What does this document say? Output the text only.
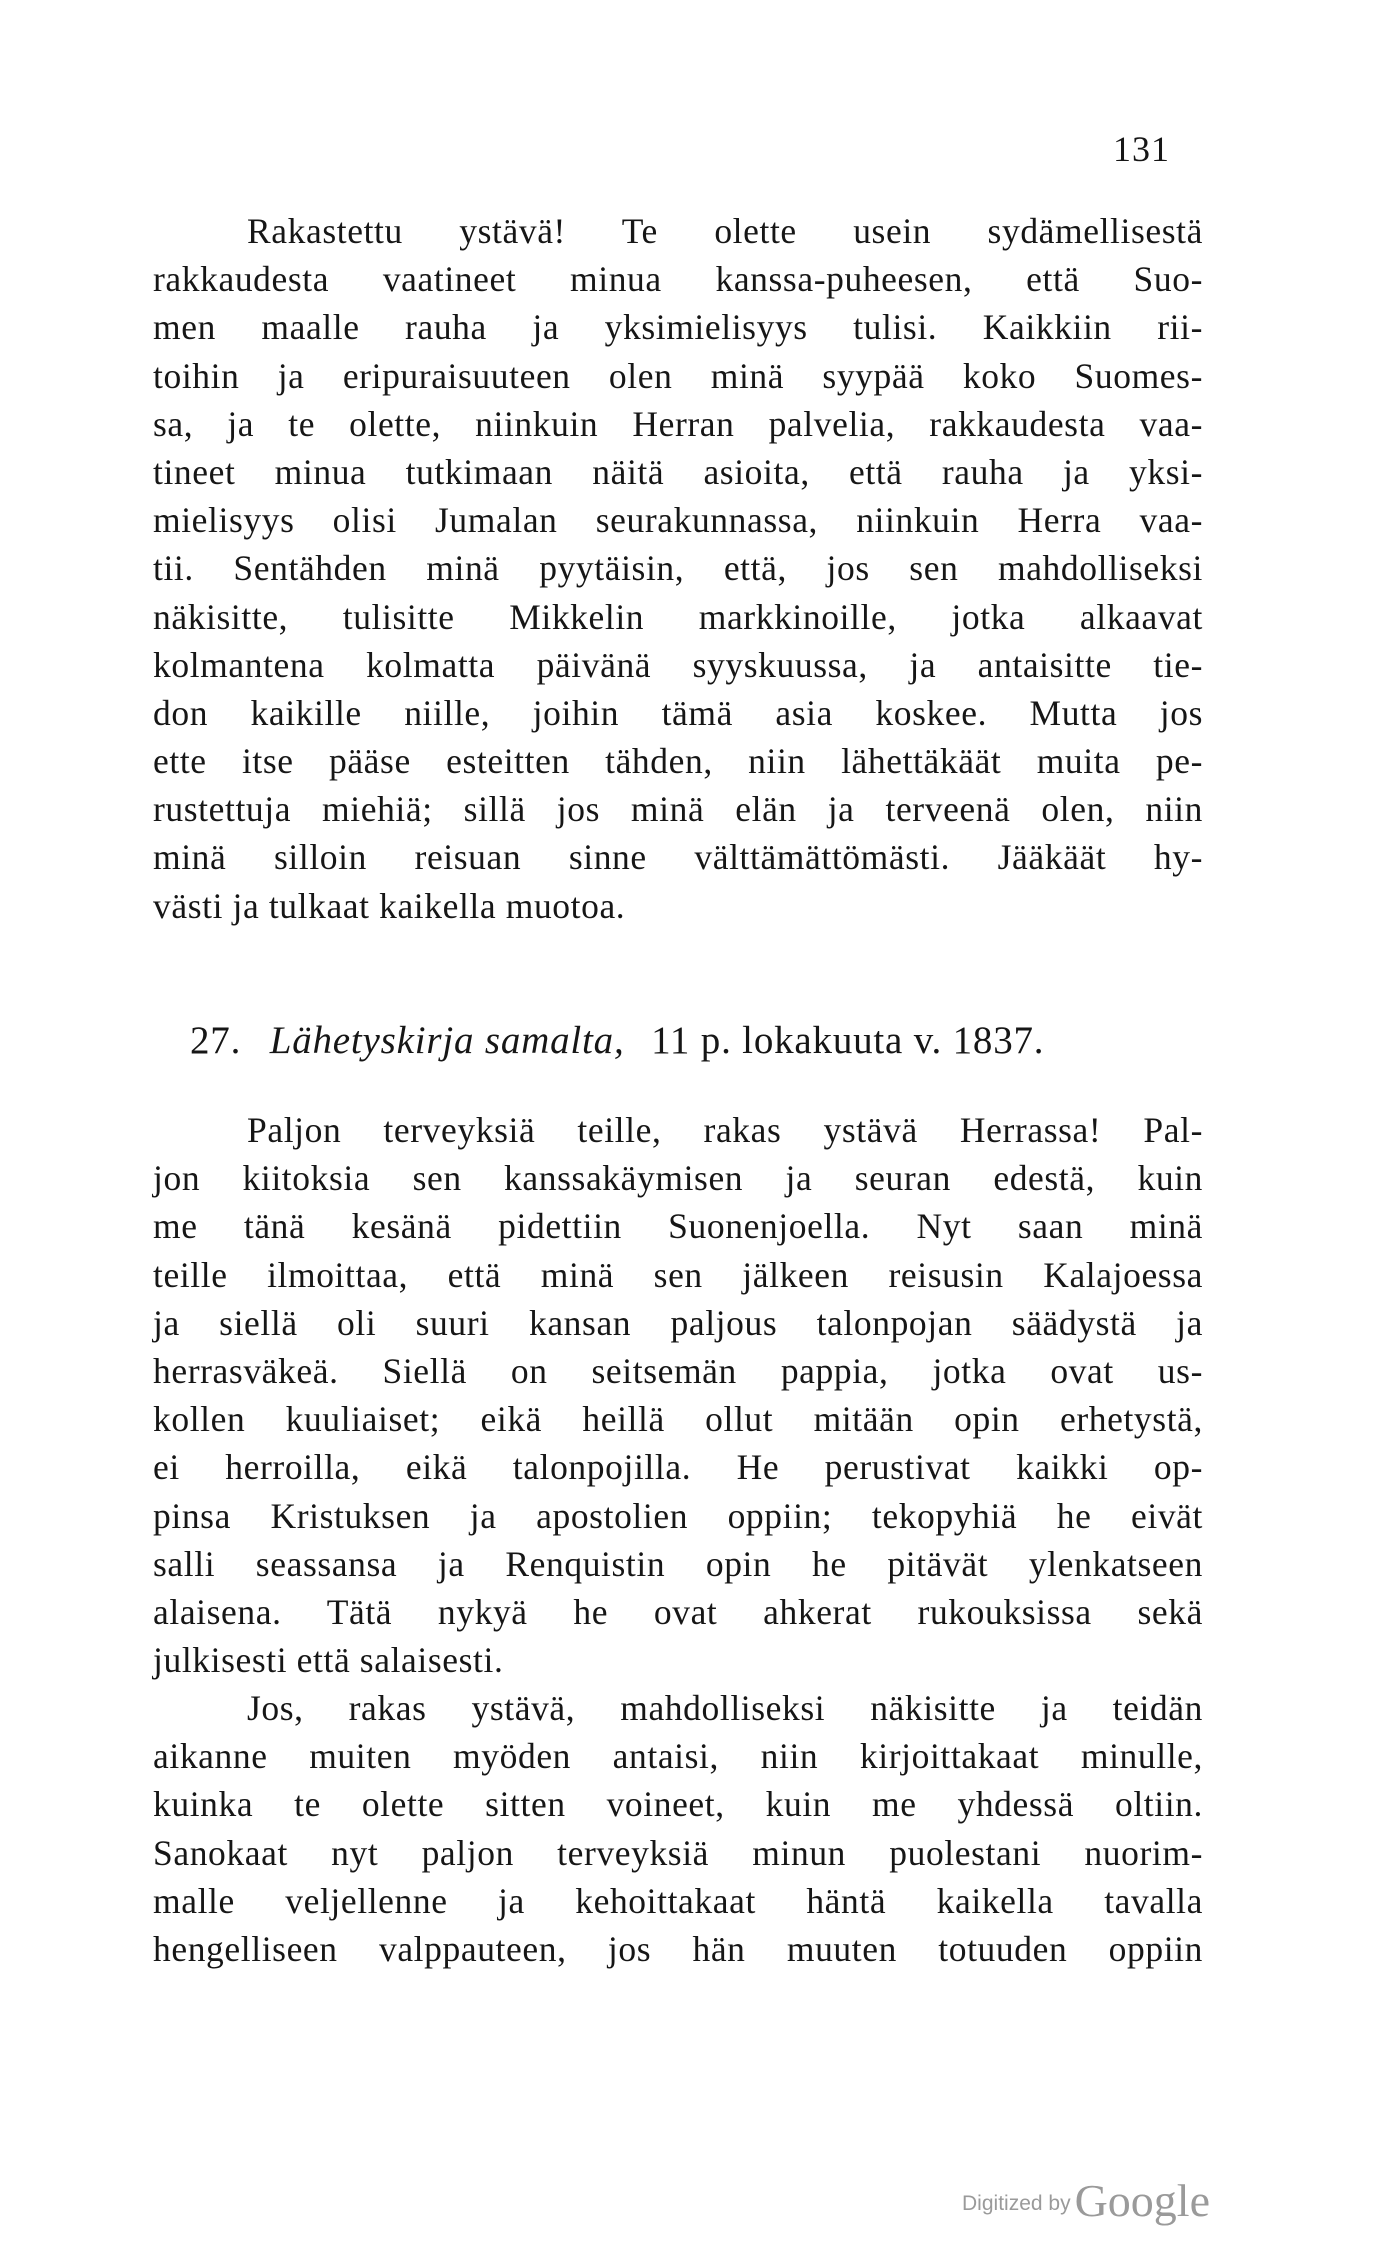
131
Rakastettu ystävä! Te olette usein sydämellisestä
rakkaudesta vaatineet minua kanssa-puheesen, että Suo-
men maalle rauha ja yksimielisyys tulisi. Kaikkiin rii-
toihin ja eripuraisuuteen olen minä syypää koko Suomes-
sa, ja te olette, niinkuin Herran palvelia, rakkaudesta vaa-
tineet minua tutkimaan näitä asioita, että rauha ja yksi-
mielisyys olisi Jumalan seurakunnassa, niinkuin Herra vaa-
tii. Sentähden minä pyytäisin, että, jos sen mahdolliseksi
näkisitte, tulisitte Mikkelin markkinoille, jotka alkaavat
kolmantena kolmatta päivänä syyskuussa, ja antaisitte tie-
don kaikille niille, joihin tämä asia koskee. Mutta jos
ette itse pääse esteitten tähden, niin lähettäkäät muita pe-
rustettuja miehiä; sillä jos minä elän ja terveenä olen, niin
minä silloin reisuan sinne välttämättömästi. Jääkäät hy-
västi ja tulkaat kaikella muotoa.
27. Lähetyskirja samalta, 11 p. lokakuuta v. 1837.
Paljon terveyksiä teille, rakas ystävä Herrassa! Pal-
jon kiitoksia sen kanssakäymisen ja seuran edestä, kuin
me tänä kesänä pidettiin Suonenjoella. Nyt saan minä
teille ilmoittaa, että minä sen jälkeen reisusin Kalajoessa
ja siellä oli suuri kansan paljous talonpojan säädystä ja
herrasväkeä. Siellä on seitsemän pappia, jotka ovat us-
kollen kuuliaiset; eikä heillä ollut mitään opin erhetystä,
ei herroilla, eikä talonpojilla. He perustivat kaikki op-
pinsa Kristuksen ja apostolien oppiin; tekopyhiä he eivät
salli seassansa ja Renquistin opin he pitävät ylenkatseen
alaisena. Tätä nykyä he ovat ahkerat rukouksissa sekä
julkisesti että salaisesti.
Jos, rakas ystävä, mahdolliseksi näkisitte ja teidän
aikanne muiten myöden antaisi, niin kirjoittakaat minulle,
kuinka te olette sitten voineet, kuin me yhdessä oltiin.
Sanokaat nyt paljon terveyksiä minun puolestani nuorim-
malle veljellenne ja kehoittakaat häntä kaikella tavalla
hengelliseen valppauteen, jos hän muuten totuuden oppiin
Digitized byGoogle
